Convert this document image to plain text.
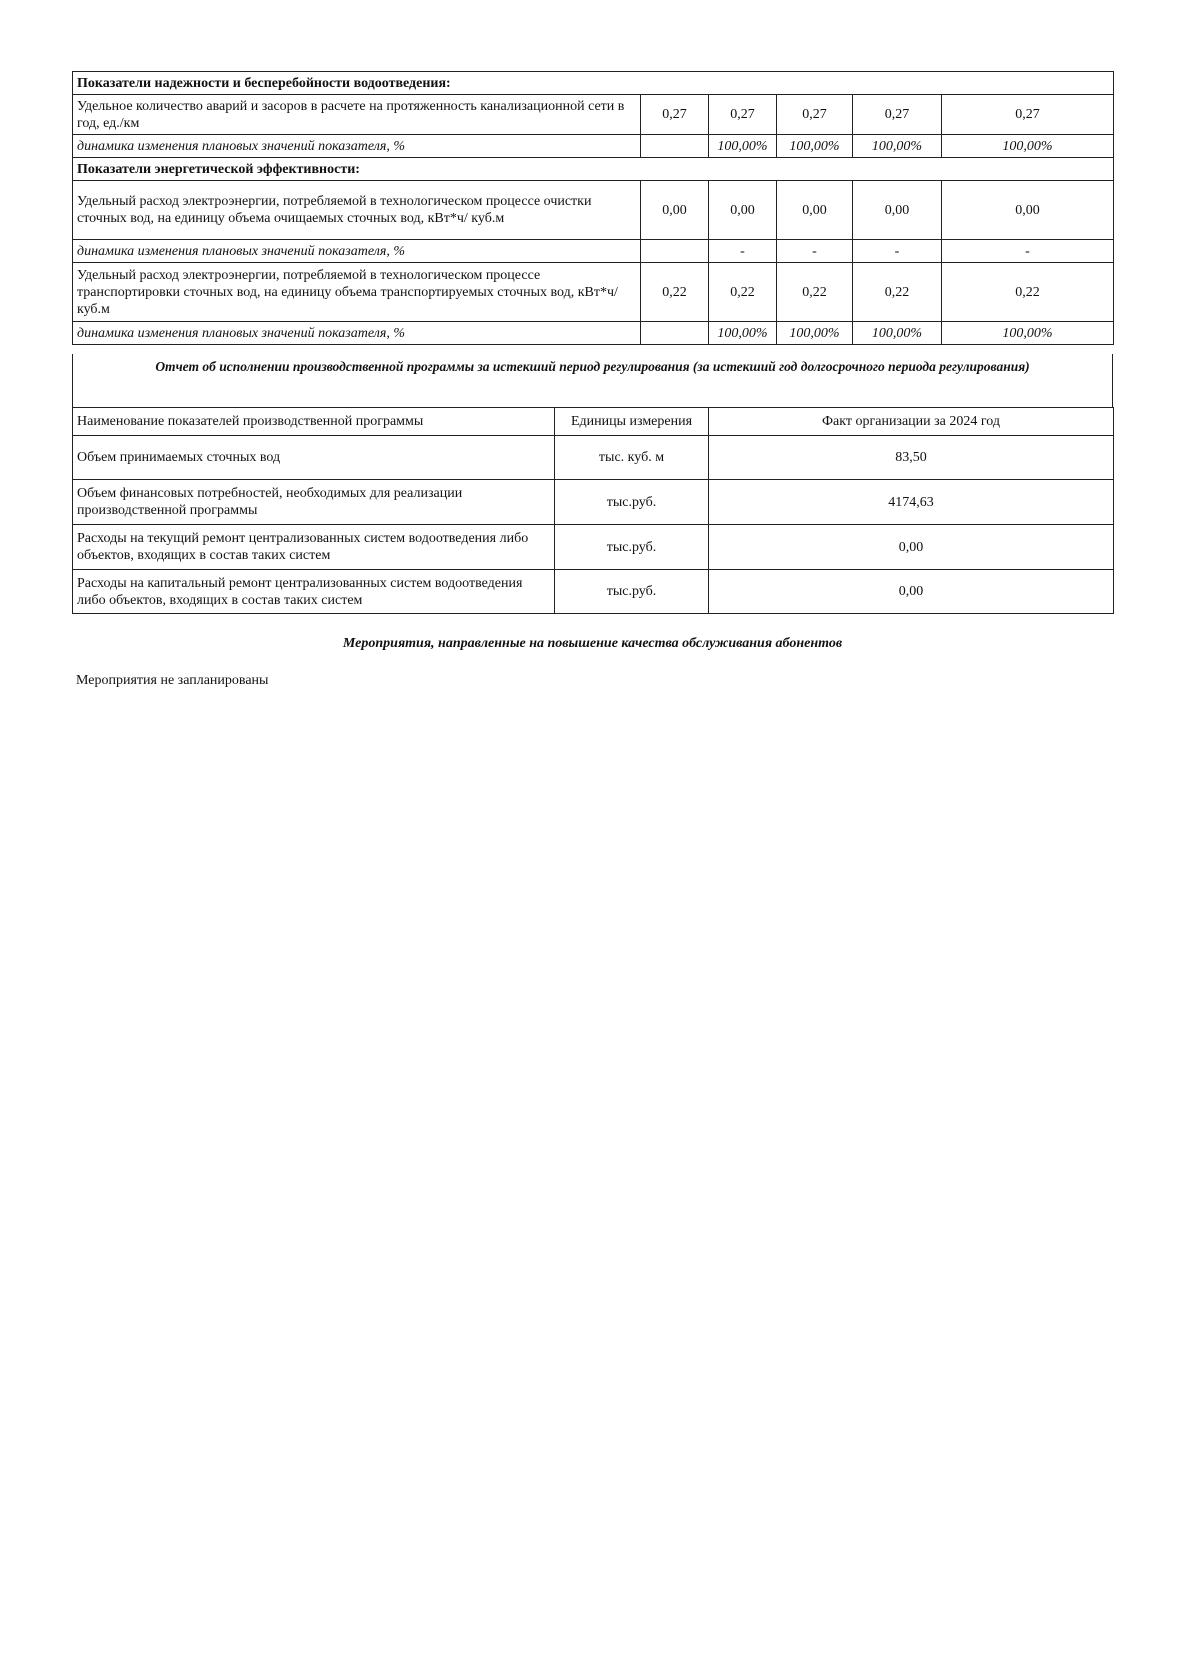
Показатели надежности и бесперебойности водоотведения:					
Удельное количество аварий и засоров в расчете на протяженность канализационной сети в год, ед./км	0,27	0,27	0,27	0,27	0,27
динамика изменения плановых значений показателя, %		100,00%	100,00%	100,00%	100,00%
Показатели энергетической эффективности:					
Удельный расход электроэнергии, потребляемой в технологическом процессе очистки сточных вод, на единицу объема очищаемых сточных вод, кВт*ч/ куб.м	0,00	0,00	0,00	0,00	0,00
динамика изменения плановых значений показателя, %		-	-	-	-
Удельный расход электроэнергии, потребляемой в технологическом процессе транспортировки сточных вод, на единицу объема транспортируемых сточных вод, кВт*ч/ куб.м	0,22	0,22	0,22	0,22	0,22
динамика изменения плановых значений показателя, %		100,00%	100,00%	100,00%	100,00%
Отчет об исполнении производственной программы за истекший период регулирования (за истекший год долгосрочного периода регулирования)
Наименование показателей производственной программы	Единицы измерения	Факт организации за 2024 год
Объем принимаемых сточных вод	тыс. куб. м	83,50
Объем финансовых потребностей, необходимых для реализации производственной программы	тыс.руб.	4174,63
Расходы на текущий ремонт централизованных систем водоотведения либо объектов, входящих в состав таких систем	тыс.руб.	0,00
Расходы на капитальный ремонт централизованных систем водоотведения либо объектов, входящих в состав таких систем	тыс.руб.	0,00
Мероприятия, направленные на повышение качества обслуживания абонентов
Мероприятия не запланированы
